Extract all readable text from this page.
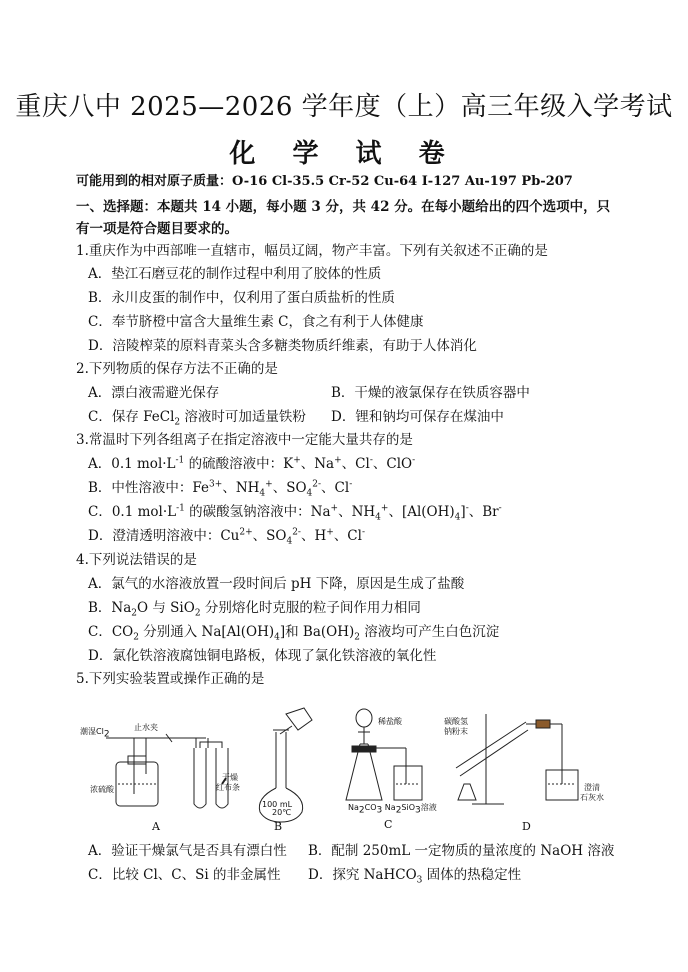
重庆八中 2025—2026 学年度（上）高三年级入学考试
化 学 试 卷
可能用到的相对原子质量：O-16 Cl-35.5 Cr-52 Cu-64 I-127 Au-197 Pb-207
一、选择题：本题共 14 小题，每小题 3 分，共 42 分。在每小题给出的四个选项中，只
有一项是符合题目要求的。
1.重庆作为中西部唯一直辖市，幅员辽阔，物产丰富。下列有关叙述不正确的是
A．垫江石磨豆花的制作过程中利用了胶体的性质
B．永川皮蛋的制作中，仅利用了蛋白质盐析的性质
C．奉节脐橙中富含大量维生素 C，食之有利于人体健康
D．涪陵榨菜的原料青菜头含多糖类物质纤维素，有助于人体消化
2.下列物质的保存方法不正确的是
A．漂白液需避光保存	B．干燥的液氯保存在铁质容器中
C．保存 FeCl$_2$ 溶液时可加适量铁粉 D．锂和钠均可保存在煤油中
3.常温时下列各组离子在指定溶液中一定能大量共存的是
A．0.1 $mol\cdot L^{-1}$ 的硫酸溶液中：K+、Na+、Cl-、ClO-
B．中性溶液中：$Fe^{3+}$、$NH_4^+$、$SO_4^{2-}$、Cl-
C．0.1 $mol\cdot L^{-1}$ 的碳酸氢钠溶液中：Na+、$NH_4^+$、$[Al(OH)_4]^-$、Br-
D．澄清透明溶液中：$Cu^{2+}$、$SO_4^{2-}$、H+、Cl-
4.下列说法错误的是
A．氯气的水溶液放置一段时间后 pH 下降，原因是生成了盐酸
B．$Na_2O$ 与 SiO$_2$ 分别熔化时克服的粒子间作用力相同
C．$CO_2$ 分别通入 $Na[Al(OH)_4]$和 $Ba(OH)_2$ 溶液均可产生白色沉淀
D．氯化铁溶液腐蚀铜电路板，体现了氯化铁溶液的氧化性
5.下列实验装置或操作正确的是
潮湿$Cl_2$
止水夹
浓硫酸
干燥
红布条
100 mL
20℃
稀盐酸
$Na_2CO_3$ $Na_2SiO_3$溶液
碳酸氢
钠粉末
澄清
石灰水
A	B	C	D
A．验证干燥氯气是否具有漂白性 B．配制 250mL 一定物质的量浓度的 NaOH 溶液
C．比较 Cl、C、Si 的非金属性 D．探究 NaHCO$_3$ 固体的热稳定性
